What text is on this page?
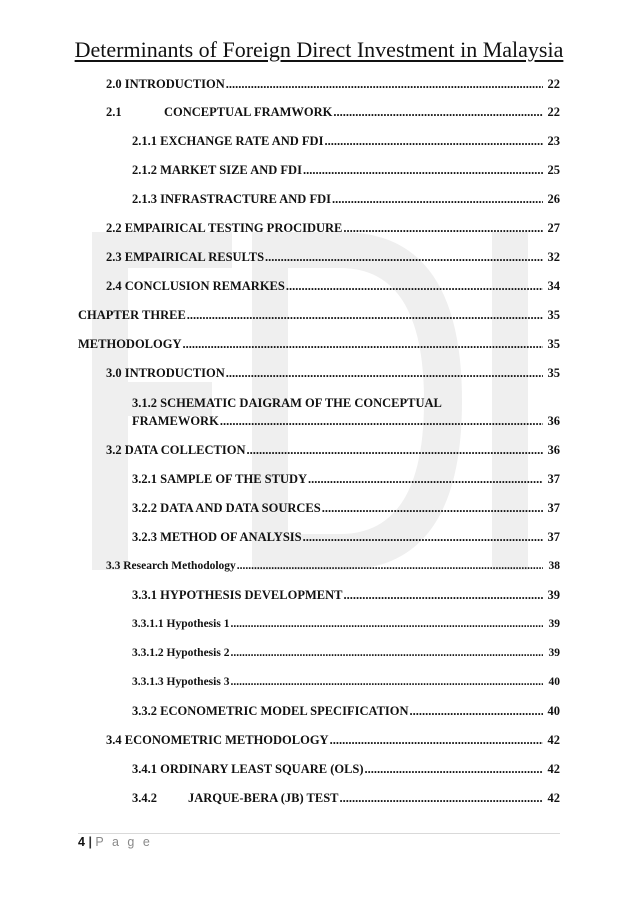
Determinants of Foreign Direct Investment in Malaysia
2.0 INTRODUCTION .....	22
2.1	CONCEPTUAL FRAMWORK .....	22
2.1.1 EXCHANGE RATE AND FDI .....	23
2.1.2 MARKET SIZE AND FDI .....	25
2.1.3 INFRASTRACTURE AND FDI .....	26
2.2 EMPAIRICAL TESTING PROCIDURE .....	27
2.3 EMPAIRICAL RESULTS .....	32
2.4 CONCLUSION REMARKES .....	34
CHAPTER THREE .....	35
METHODOLOGY .....	35
3.0 INTRODUCTION .....	35
3.1.2 SCHEMATIC DAIGRAM OF THE CONCEPTUAL
FRAMEWORK .....	36
3.2 DATA COLLECTION .....	36
3.2.1 SAMPLE OF THE STUDY .....	37
3.2.2 DATA AND DATA SOURCES .....	37
3.2.3 METHOD OF ANALYSIS .....	37
3.3 Research Methodology .....	38
3.3.1 HYPOTHESIS DEVELOPMENT .....	39
3.3.1.1 Hypothesis 1 .....	39
3.3.1.2 Hypothesis 2 .....	39
3.3.1.3 Hypothesis 3 .....	40
3.3.2 ECONOMETRIC MODEL SPECIFICATION .....	40
3.4 ECONOMETRIC METHODOLOGY .....	42
3.4.1 ORDINARY LEAST SQUARE (OLS) .....	42
3.4.2 JARQUE-BERA (JB) TEST .....	42
4 | P a g e
